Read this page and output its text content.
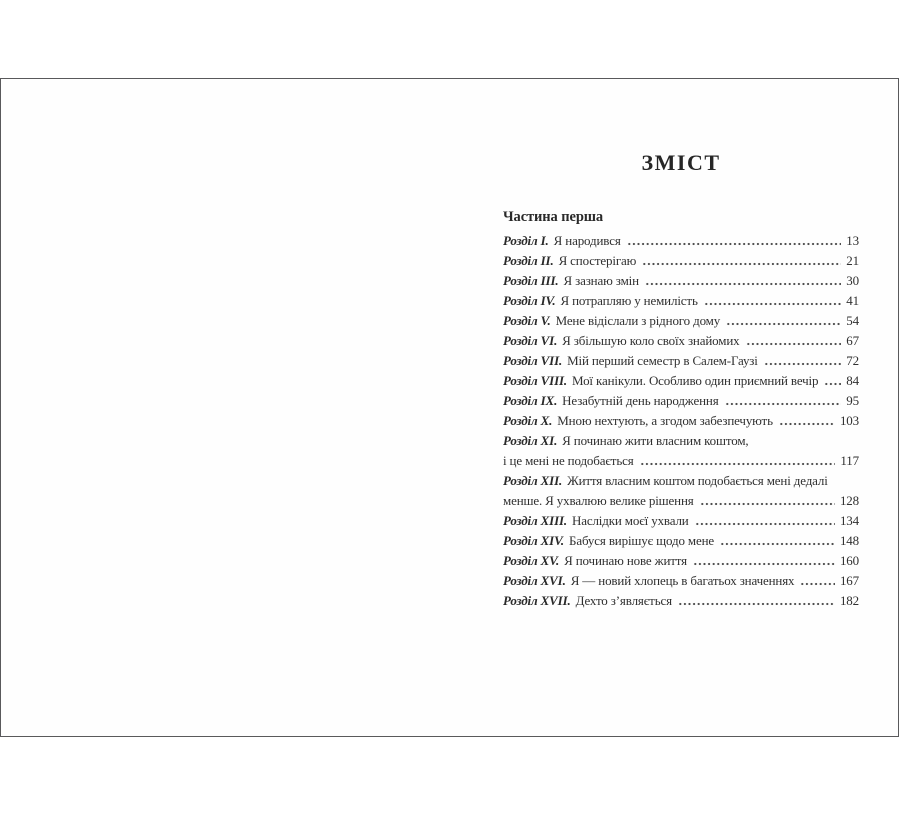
ЗМІСТ
Частина перша
Розділ I. Я народився	13
Розділ II. Я спостерігаю	21
Розділ III. Я зазнаю змін	30
Розділ IV. Я потрапляю у немилість	41
Розділ V. Мене відіслали з рідного дому	54
Розділ VI. Я збільшую коло своїх знайомих	67
Розділ VII. Мій перший семестр в Салем-Гаузі	72
Розділ VIII. Мої канікули. Особливо один приємний вечір 84
Розділ IX. Незабутній день народження	95
Розділ X. Мною нехтують, а згодом забезпечують	103
Розділ XI. Я починаю жити власним коштом,
і це мені не подобається	117
Розділ XII. Життя власним коштом подобається мені дедалі
менше. Я ухвалюю велике рішення	128
Розділ XIII. Наслідки моєї ухвали	134
Розділ XIV. Бабуся вирішує щодо мене	148
Розділ XV. Я починаю нове життя	160
Розділ XVI. Я — новий хлопець в багатьох значеннях	167
Розділ XVII. Дехто з’являється	182
